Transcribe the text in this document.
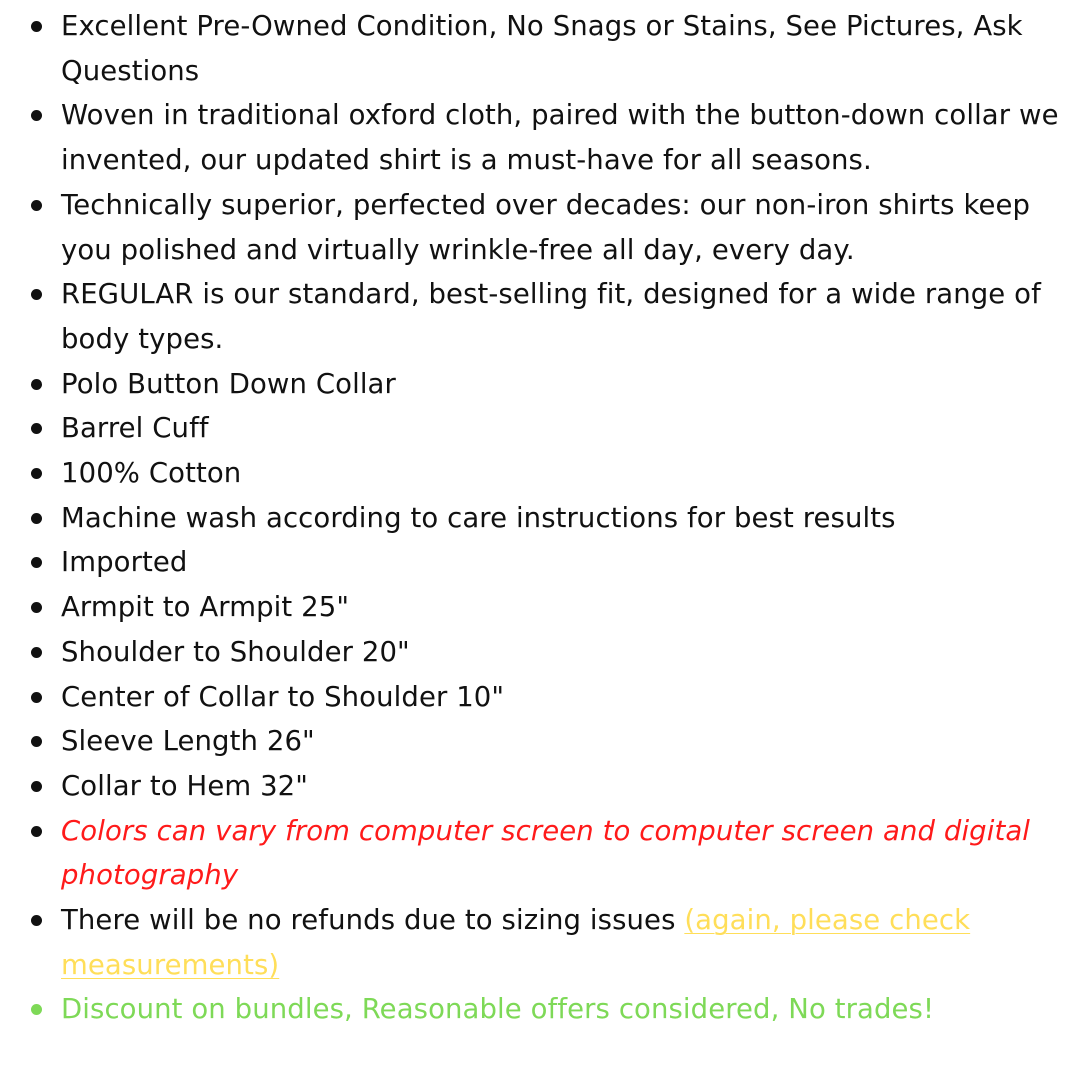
Excellent Pre-Owned Condition, No Snags or Stains, See Pictures, Ask Questions
Woven in traditional oxford cloth, paired with the button-down collar we invented, our updated shirt is a must-have for all seasons.
Technically superior, perfected over decades: our non-iron shirts keep you polished and virtually wrinkle-free all day, every day.
REGULAR is our standard, best-selling fit, designed for a wide range of body types.
Polo Button Down Collar
Barrel Cuff
100% Cotton
Machine wash according to care instructions for best results
Imported
Armpit to Armpit 25"
Shoulder to Shoulder 20"
Center of Collar to Shoulder 10"
Sleeve Length 26"
Collar to Hem 32"
Colors can vary from computer screen to computer screen and digital photography
There will be no refunds due to sizing issues (again, please check measurements)
Discount on bundles, Reasonable offers considered, No trades!
